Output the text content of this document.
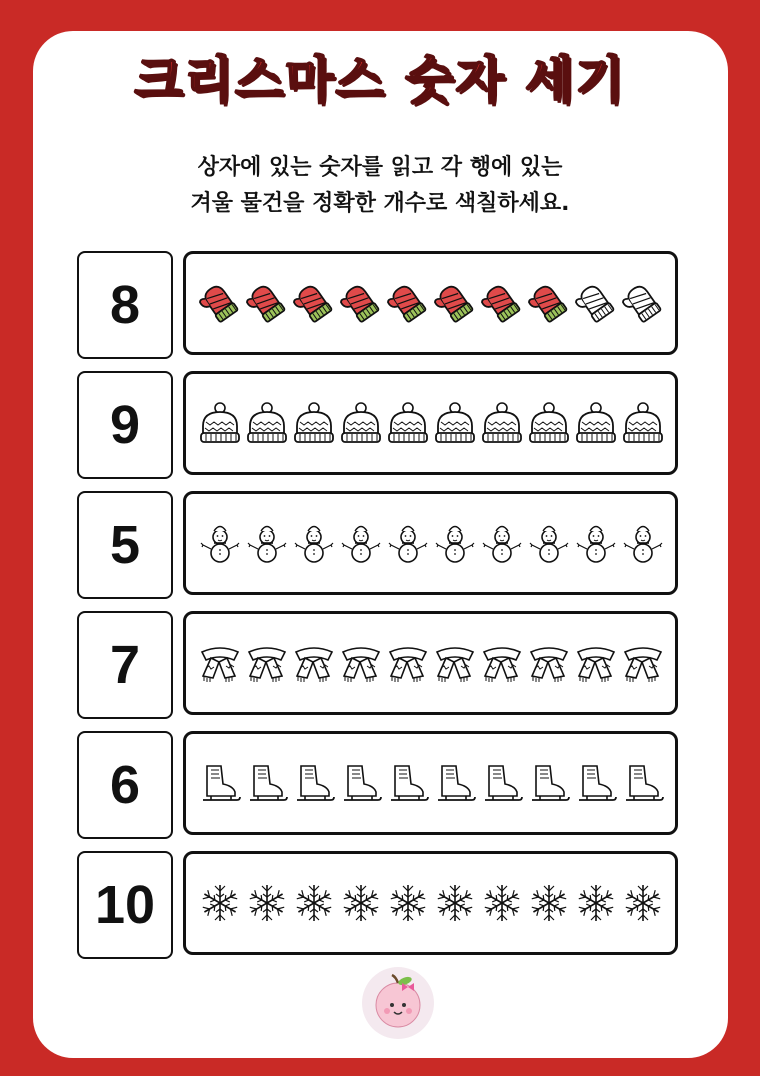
크리스마스 숫자 세기
상자에 있는 숫자를 읽고 각 행에 있는
겨울 물건을 정확한 개수로 색칠하세요.
8
9
5
7
6
10
